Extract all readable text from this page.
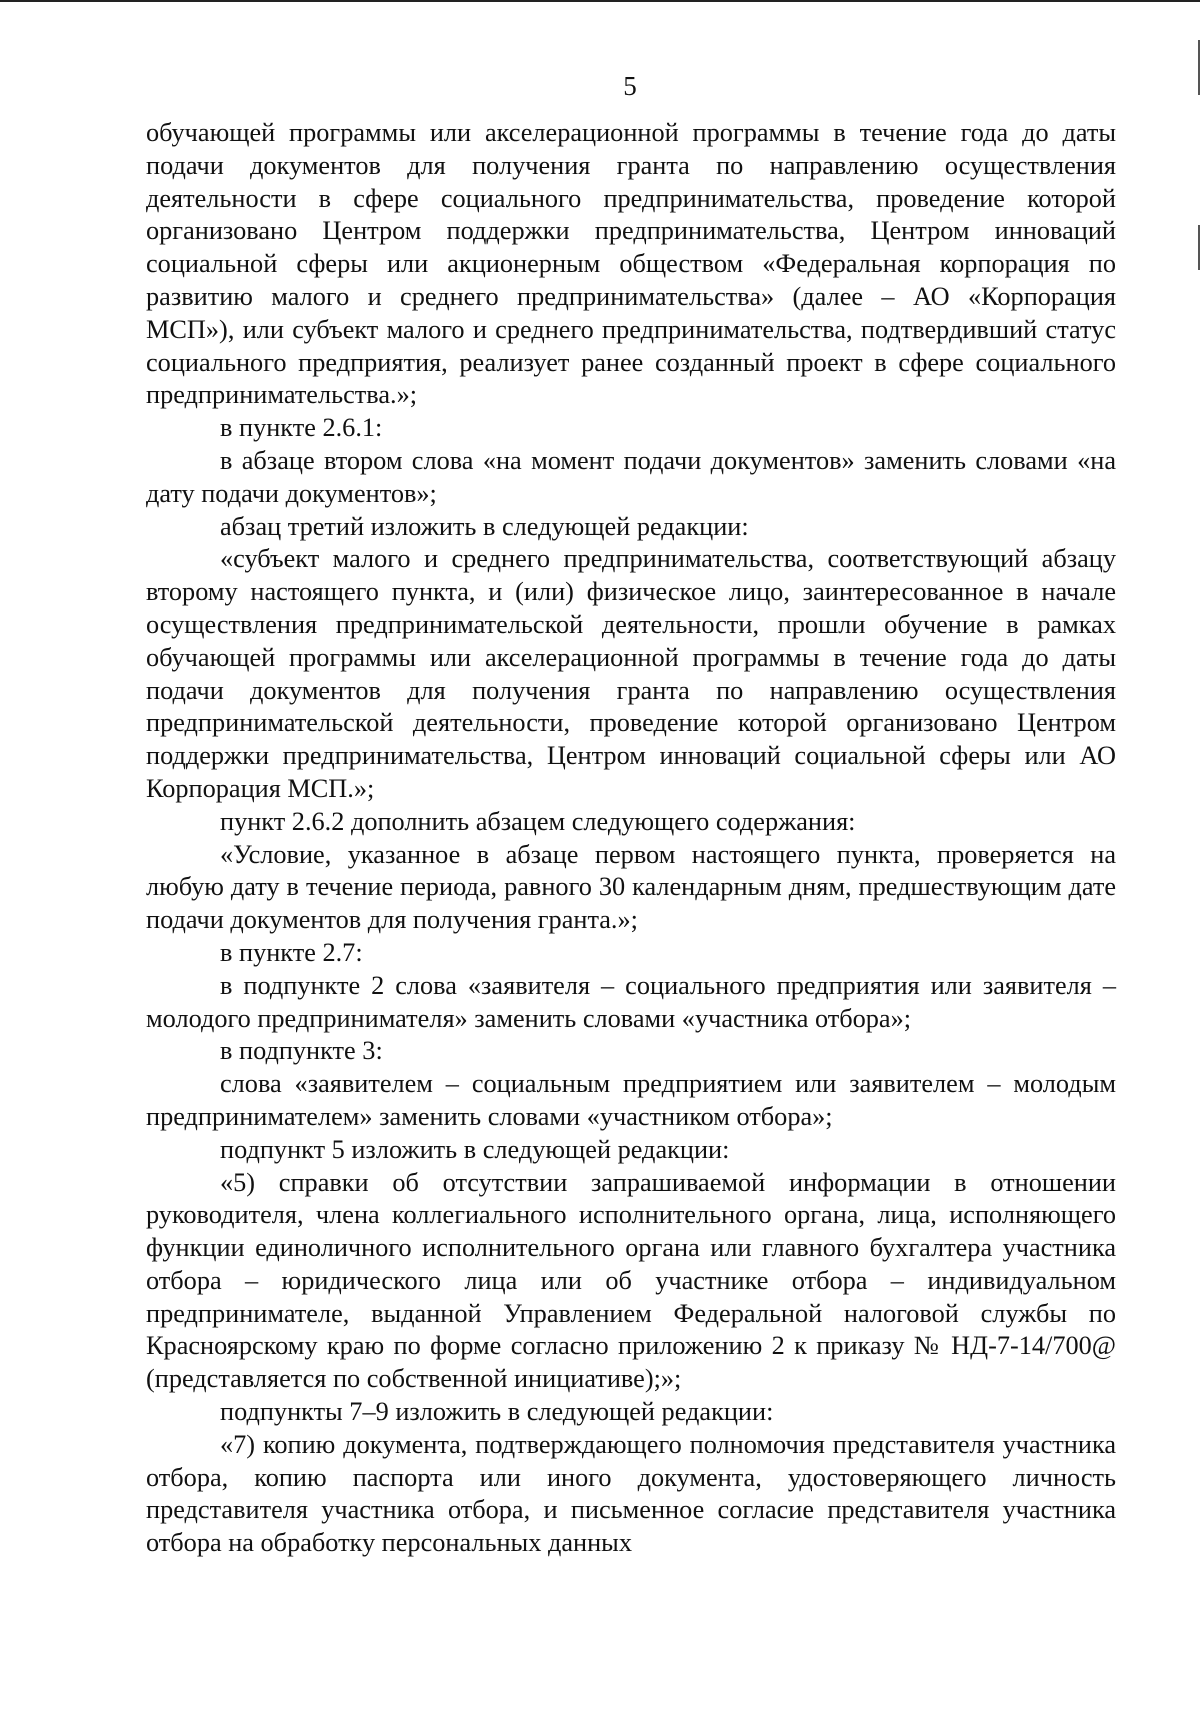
5

обучающей программы или акселерационной программы в течение года до даты подачи документов для получения гранта по направлению осуществления деятельности в сфере социального предпринимательства, проведение которой организовано Центром поддержки предпринимательства, Центром инноваций социальной сферы или акционерным обществом «Федеральная корпорация по развитию малого и среднего предпринимательства» (далее – АО «Корпорация МСП»), или субъект малого и среднего предпринимательства, подтвердивший статус социального предприятия, реализует ранее созданный проект в сфере социального предпринимательства.»;

в пункте 2.6.1:

в абзаце втором слова «на момент подачи документов» заменить словами «на дату подачи документов»;

абзац третий изложить в следующей редакции:

«субъект малого и среднего предпринимательства, соответствующий абзацу второму настоящего пункта, и (или) физическое лицо, заинтересованное в начале осуществления предпринимательской деятельности, прошли обучение в рамках обучающей программы или акселерационной программы в течение года до даты подачи документов для получения гранта по направлению осуществления предпринимательской деятельности, проведение которой организовано Центром поддержки предпринимательства, Центром инноваций социальной сферы или АО Корпорация МСП.»;

пункт 2.6.2 дополнить абзацем следующего содержания:

«Условие, указанное в абзаце первом настоящего пункта, проверяется на любую дату в течение периода, равного 30 календарным дням, предшествующим дате подачи документов для получения гранта.»;

в пункте 2.7:

в подпункте 2 слова «заявителя – социального предприятия или заявителя – молодого предпринимателя» заменить словами «участника отбора»;

в подпункте 3:

слова «заявителем – социальным предприятием или заявителем – молодым предпринимателем» заменить словами «участником отбора»;

подпункт 5 изложить в следующей редакции:

«5) справки об отсутствии запрашиваемой информации в отношении руководителя, члена коллегиального исполнительного органа, лица, исполняющего функции единоличного исполнительного органа или главного бухгалтера участника отбора – юридического лица или об участнике отбора – индивидуальном предпринимателе, выданной Управлением Федеральной налоговой службы по Красноярскому краю по форме согласно приложению 2 к приказу № НД-7-14/700@ (представляется по собственной инициативе);»;

подпункты 7–9 изложить в следующей редакции:

«7) копию документа, подтверждающего полномочия представителя участника отбора, копию паспорта или иного документа, удостоверяющего личность представителя участника отбора, и письменное согласие представителя участника отбора на обработку персональных данных
